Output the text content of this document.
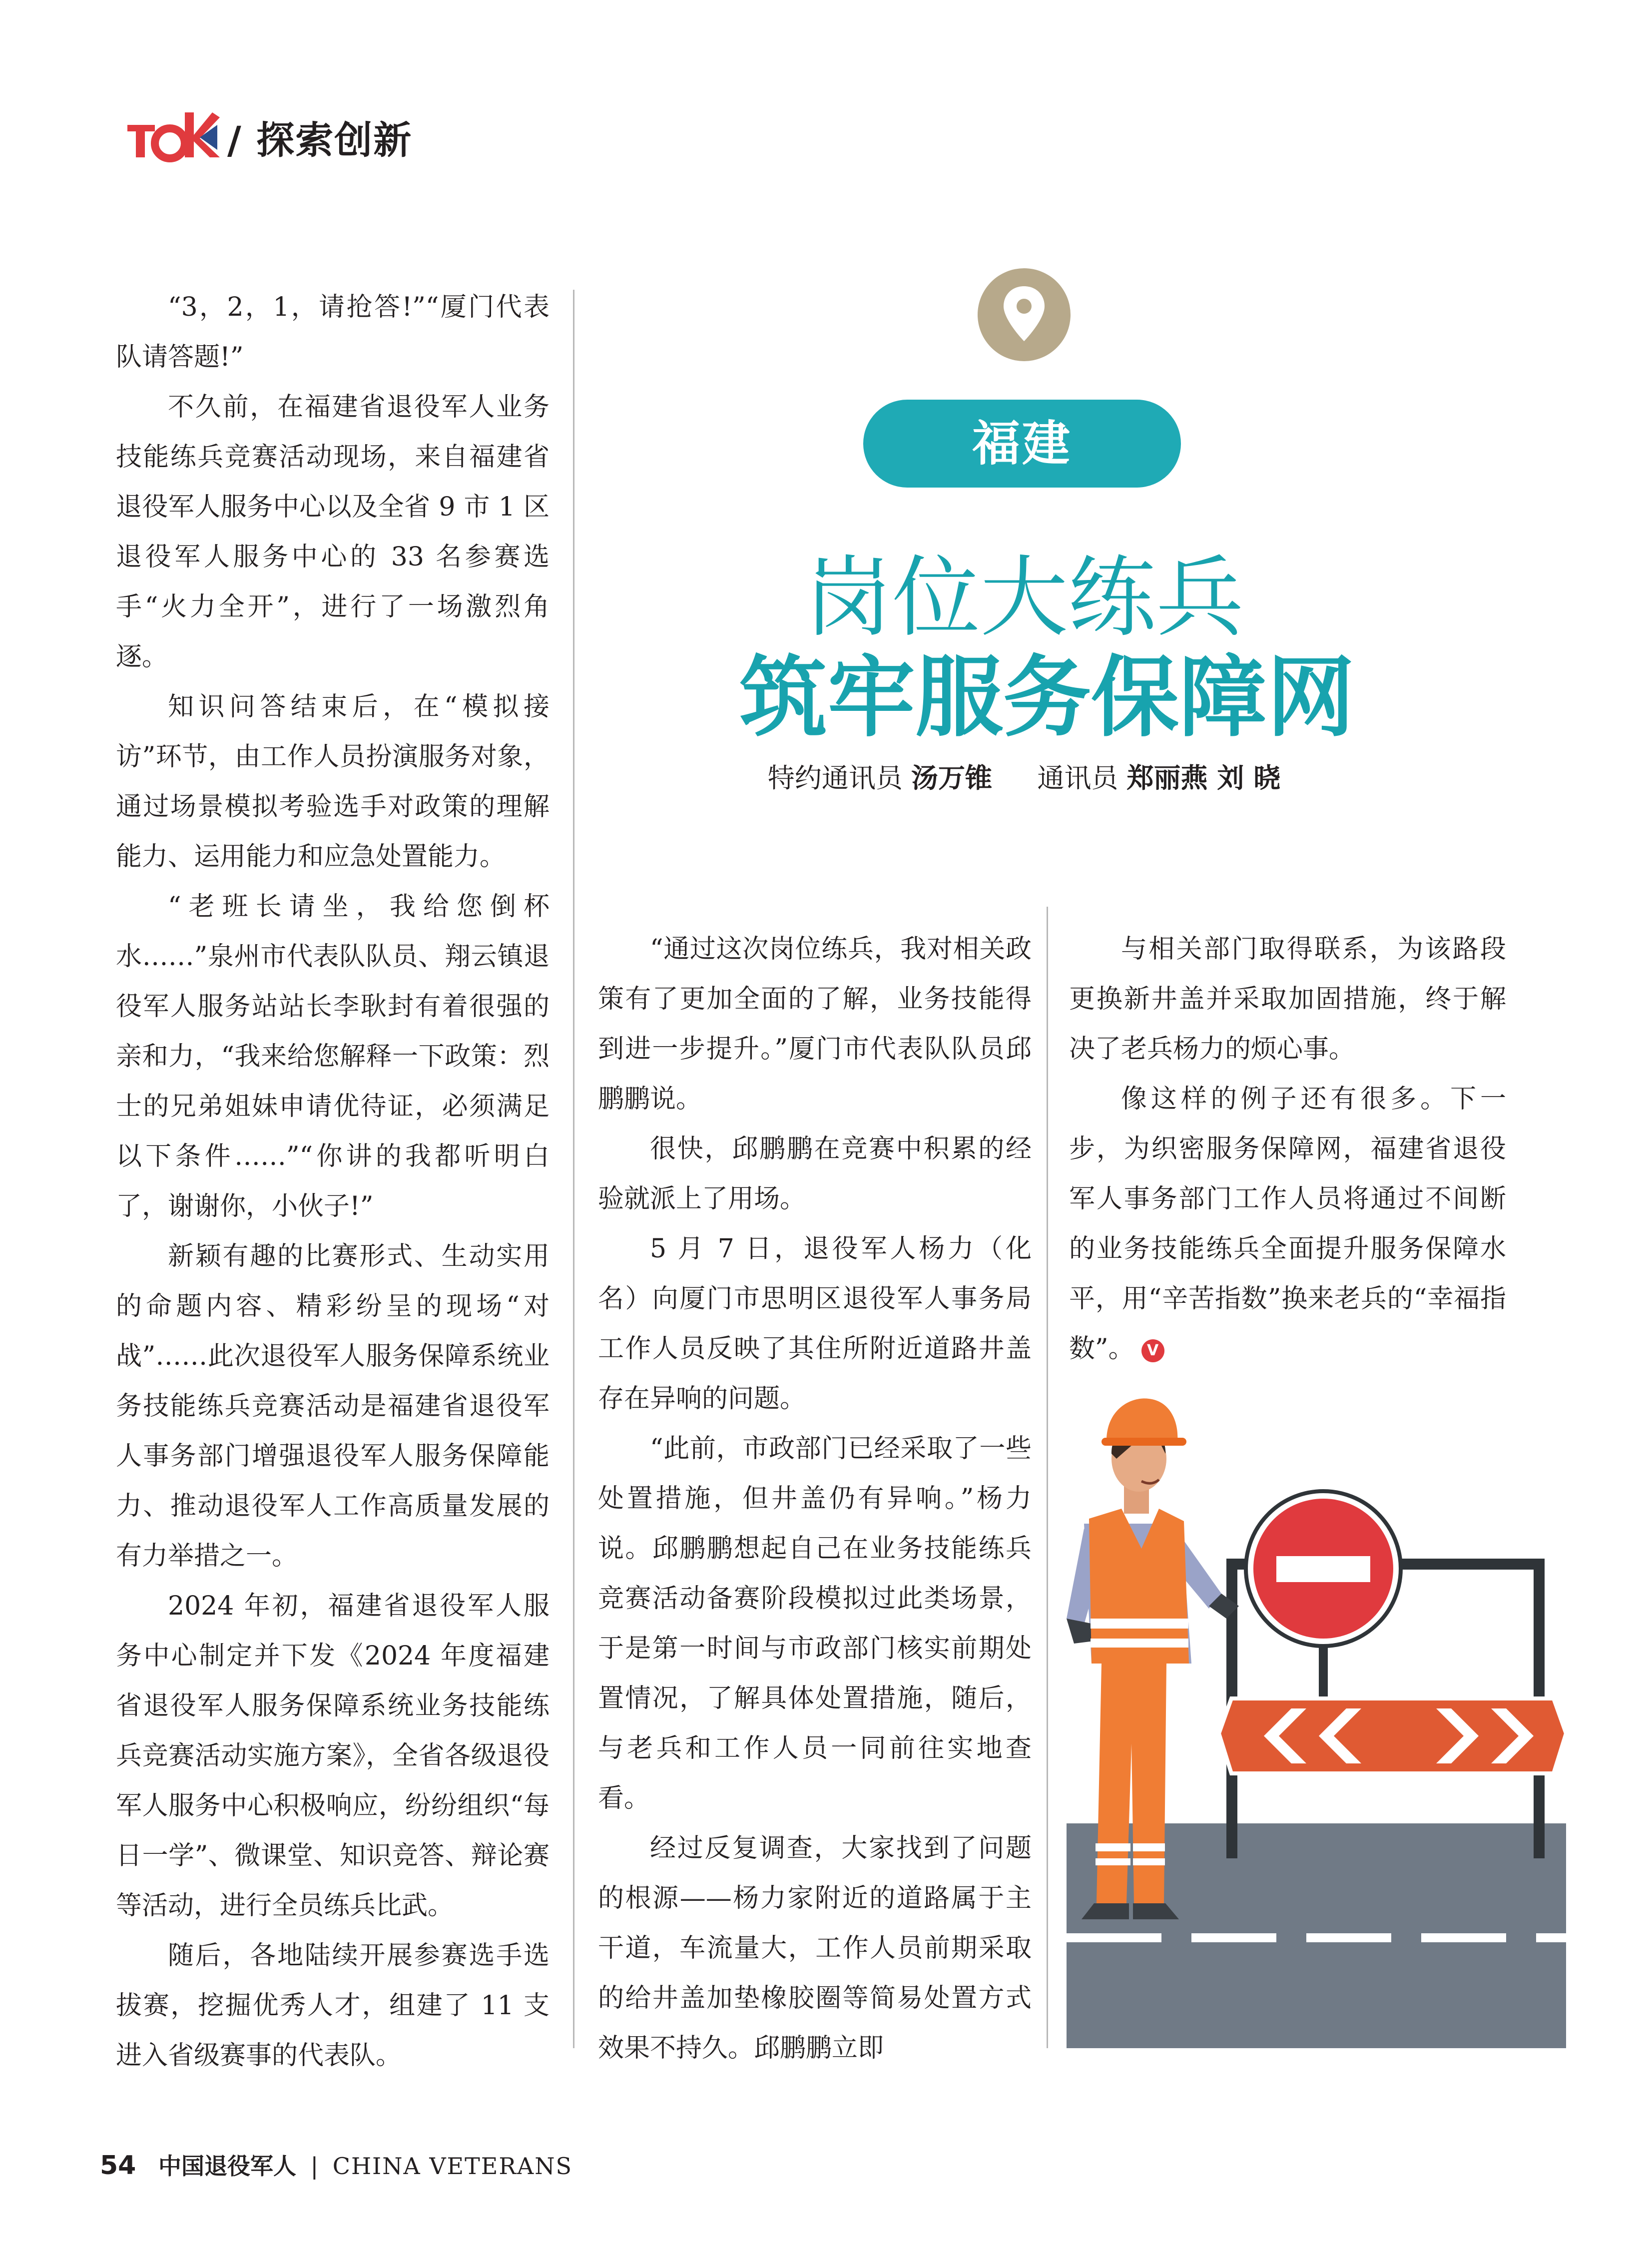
/ 探索创新

“3，2，1，请抢答!”“厦门代表队请答题!”

不久前，在福建省退役军人业务技能练兵竞赛活动现场，来自福建省退役军人服务中心以及全省 9 市 1 区退役军人服务中心的 33 名参赛选手“火力全开”，进行了一场激烈角逐。

知识问答结束后，在“模拟接访”环节，由工作人员扮演服务对象，通过场景模拟考验选手对政策的理解能力、运用能力和应急处置能力。

“老班长请坐，我给您倒杯水……”泉州市代表队队员、翔云镇退役军人服务站站长李耿封有着很强的亲和力，“我来给您解释一下政策：烈士的兄弟姐妹申请优待证，必须满足以下条件……”“你讲的我都听明白了，谢谢你，小伙子!”

新颖有趣的比赛形式、生动实用的命题内容、精彩纷呈的现场“对战”……此次退役军人服务保障系统业务技能练兵竞赛活动是福建省退役军人事务部门增强退役军人服务保障能力、推动退役军人工作高质量发展的有力举措之一。

2024 年初，福建省退役军人服务中心制定并下发《2024 年度福建省退役军人服务保障系统业务技能练兵竞赛活动实施方案》，全省各级退役军人服务中心积极响应，纷纷组织“每日一学”、微课堂、知识竞答、辩论赛等活动，进行全员练兵比武。

随后，各地陆续开展参赛选手选拔赛，挖掘优秀人才，组建了 11 支进入省级赛事的代表队。

福建
岗位大练兵
筑牢服务保障网
特约通讯员 汤万锥 通讯员 郑丽燕 刘 晓

“通过这次岗位练兵，我对相关政策有了更加全面的了解，业务技能得到进一步提升。”厦门市代表队队员邱鹏鹏说。

很快，邱鹏鹏在竞赛中积累的经验就派上了用场。

5 月 7 日，退役军人杨力（化名）向厦门市思明区退役军人事务局工作人员反映了其住所附近道路井盖存在异响的问题。

“此前，市政部门已经采取了一些处置措施，但井盖仍有异响。”杨力说。邱鹏鹏想起自己在业务技能练兵竞赛活动备赛阶段模拟过此类场景，于是第一时间与市政部门核实前期处置情况，了解具体处置措施，随后，与老兵和工作人员一同前往实地查看。

经过反复调查，大家找到了问题的根源——杨力家附近的道路属于主干道，车流量大，工作人员前期采取的给井盖加垫橡胶圈等简易处置方式效果不持久。邱鹏鹏立即

与相关部门取得联系，为该路段更换新井盖并采取加固措施，终于解决了老兵杨力的烦心事。

像这样的例子还有很多。下一步，为织密服务保障网，福建省退役军人事务部门工作人员将通过不间断的业务技能练兵全面提升服务保障水平，用“辛苦指数”换来老兵的“幸福指数”。 V

54 中国退役军人 | CHINA VETERANS
